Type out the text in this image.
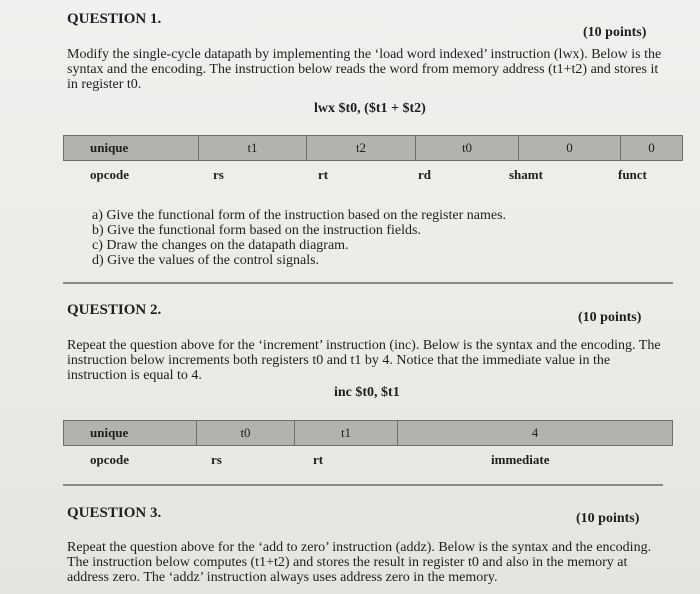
QUESTION 1.
(10 points)
Modify the single-cycle datapath by implementing the ‘load word indexed’ instruction (lwx). Below is the
syntax and the encoding. The instruction below reads the word from memory address (t1+t2) and stores it
in register t0.
lwx $t0, ($t1 + $t2)
unique	t1	t2	t0	0	0
opcode	rs	rt	rd	shamt	funct
a) Give the functional form of the instruction based on the register names.
b) Give the functional form based on the instruction fields.
c) Draw the changes on the datapath diagram.
d) Give the values of the control signals.
QUESTION 2.	(10 points)
Repeat the question above for the ‘increment’ instruction (inc). Below is the syntax and the encoding. The
instruction below increments both registers t0 and t1 by 4. Notice that the immediate value in the
instruction is equal to 4.
inc $t0, $t1
unique	t0	t1	4
opcode	rs	rt	immediate
QUESTION 3.	(10 points)
Repeat the question above for the ‘add to zero’ instruction (addz). Below is the syntax and the encoding.
The instruction below computes (t1+t2) and stores the result in register t0 and also in the memory at
address zero. The ‘addz’ instruction always uses address zero in the memory.
